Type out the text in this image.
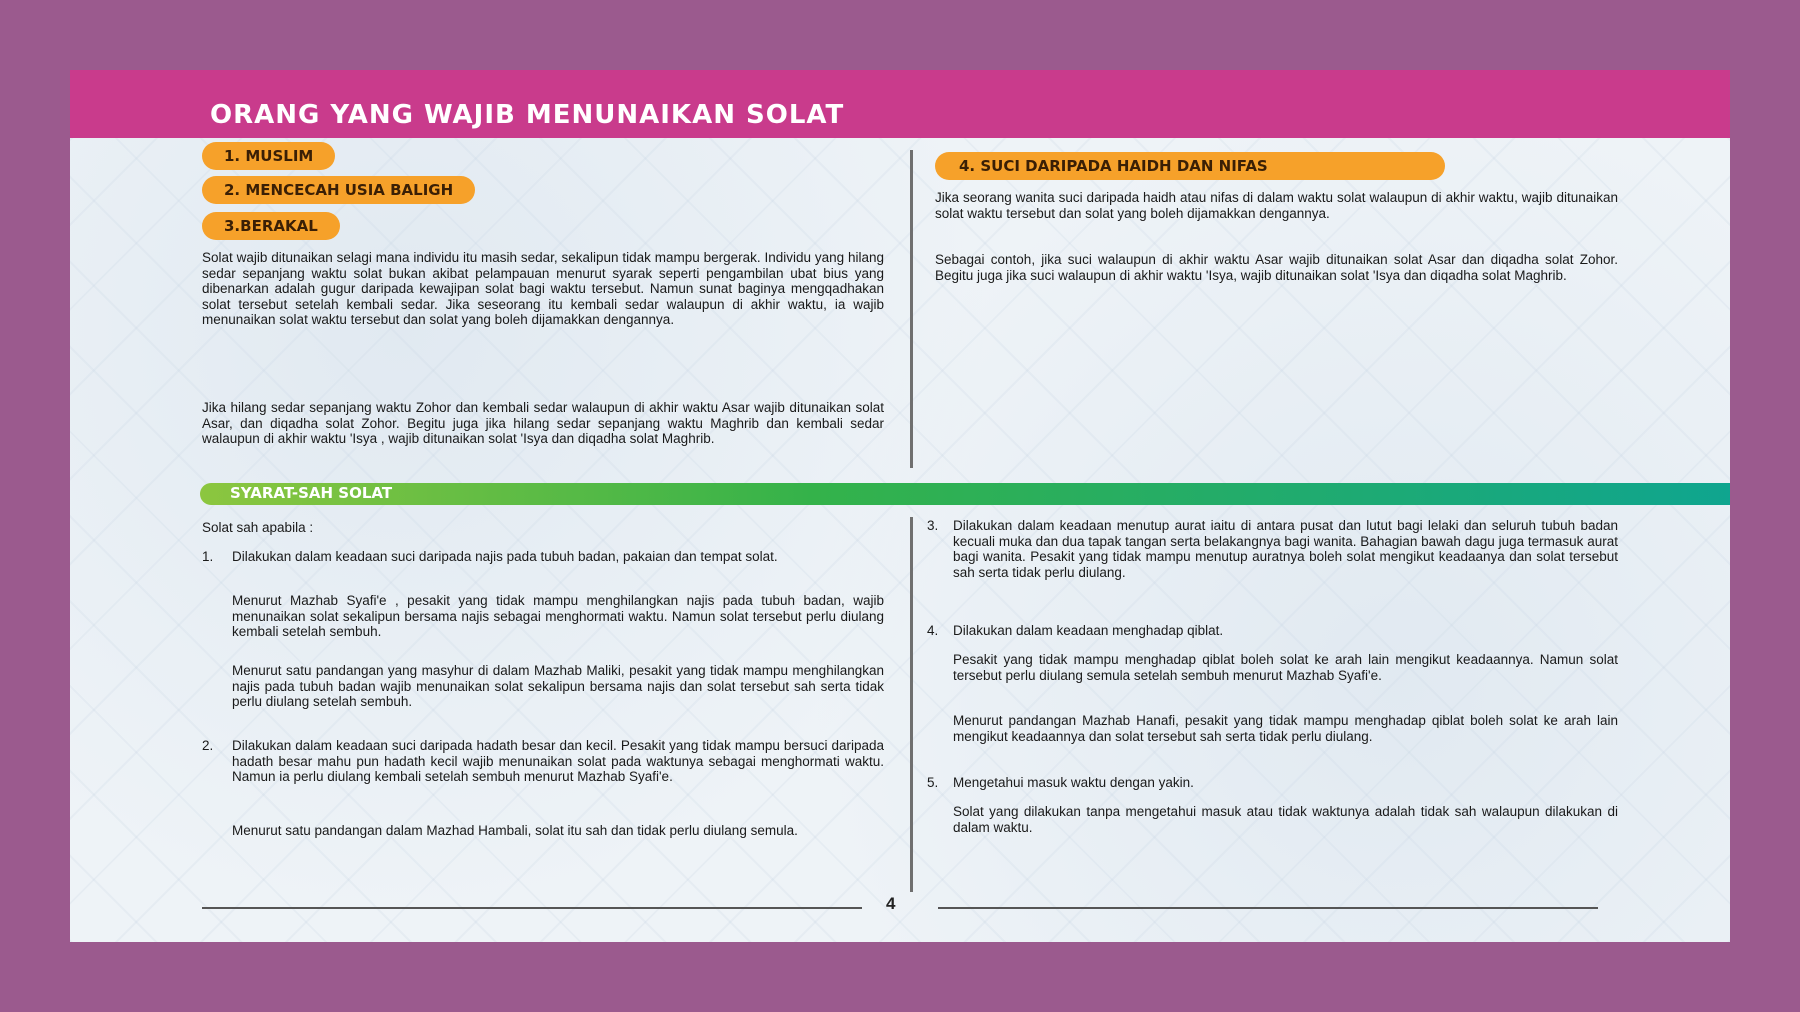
ORANG YANG WAJIB MENUNAIKAN SOLAT
1. MUSLIM
2. MENCECAH USIA BALIGH
3.BERAKAL

Solat wajib ditunaikan selagi mana individu itu masih sedar, sekalipun tidak mampu bergerak. Individu yang hilang sedar sepanjang waktu solat bukan akibat pelampauan menurut syarak seperti pengambilan ubat bius yang dibenarkan adalah gugur daripada kewajipan solat bagi waktu tersebut. Namun sunat baginya mengqadhakan solat tersebut setelah kembali sedar. Jika seseorang itu kembali sedar walaupun di akhir waktu, ia wajib menunaikan solat waktu tersebut dan solat yang boleh dijamakkan dengannya.

Jika hilang sedar sepanjang waktu Zohor dan kembali sedar walaupun di akhir waktu Asar wajib ditunaikan solat Asar, dan diqadha solat Zohor. Begitu juga jika hilang sedar sepanjang waktu Maghrib dan kembali sedar walaupun di akhir waktu 'Isya , wajib ditunaikan solat 'Isya dan diqadha solat Maghrib.

4. SUCI DARIPADA HAIDH DAN NIFAS

Jika seorang wanita suci daripada haidh atau nifas di dalam waktu solat walaupun di akhir waktu, wajib ditunaikan solat waktu tersebut dan solat yang boleh dijamakkan dengannya.

Sebagai contoh, jika suci walaupun di akhir waktu Asar wajib ditunaikan solat Asar dan diqadha solat Zohor. Begitu juga jika suci walaupun di akhir waktu 'Isya, wajib ditunaikan solat 'Isya dan diqadha solat Maghrib.

SYARAT-SAH SOLAT

Solat sah apabila :

1. Dilakukan dalam keadaan suci daripada najis pada tubuh badan, pakaian dan tempat solat.

Menurut Mazhab Syafi'e , pesakit yang tidak mampu menghilangkan najis pada tubuh badan, wajib menunaikan solat sekalipun bersama najis sebagai menghormati waktu. Namun solat tersebut perlu diulang kembali setelah sembuh.

Menurut satu pandangan yang masyhur di dalam Mazhab Maliki, pesakit yang tidak mampu menghilangkan najis pada tubuh badan wajib menunaikan solat sekalipun bersama najis dan solat tersebut sah serta tidak perlu diulang setelah sembuh.

2. Dilakukan dalam keadaan suci daripada hadath besar dan kecil. Pesakit yang tidak mampu bersuci daripada hadath besar mahu pun hadath kecil wajib menunaikan solat pada waktunya sebagai menghormati waktu. Namun ia perlu diulang kembali setelah sembuh menurut Mazhab Syafi'e.

Menurut satu pandangan dalam Mazhad Hambali, solat itu sah dan tidak perlu diulang semula.

3. Dilakukan dalam keadaan menutup aurat iaitu di antara pusat dan lutut bagi lelaki dan seluruh tubuh badan kecuali muka dan dua tapak tangan serta belakangnya bagi wanita. Bahagian bawah dagu juga termasuk aurat bagi wanita. Pesakit yang tidak mampu menutup auratnya boleh solat mengikut keadaanya dan solat tersebut sah serta tidak perlu diulang.

4. Dilakukan dalam keadaan menghadap qiblat.

Pesakit yang tidak mampu menghadap qiblat boleh solat ke arah lain mengikut keadaannya. Namun solat tersebut perlu diulang semula setelah sembuh menurut Mazhab Syafi'e.

Menurut pandangan Mazhab Hanafi, pesakit yang tidak mampu menghadap qiblat boleh solat ke arah lain mengikut keadaannya dan solat tersebut sah serta tidak perlu diulang.

5. Mengetahui masuk waktu dengan yakin.

Solat yang dilakukan tanpa mengetahui masuk atau tidak waktunya adalah tidak sah walaupun dilakukan di dalam waktu.

4
